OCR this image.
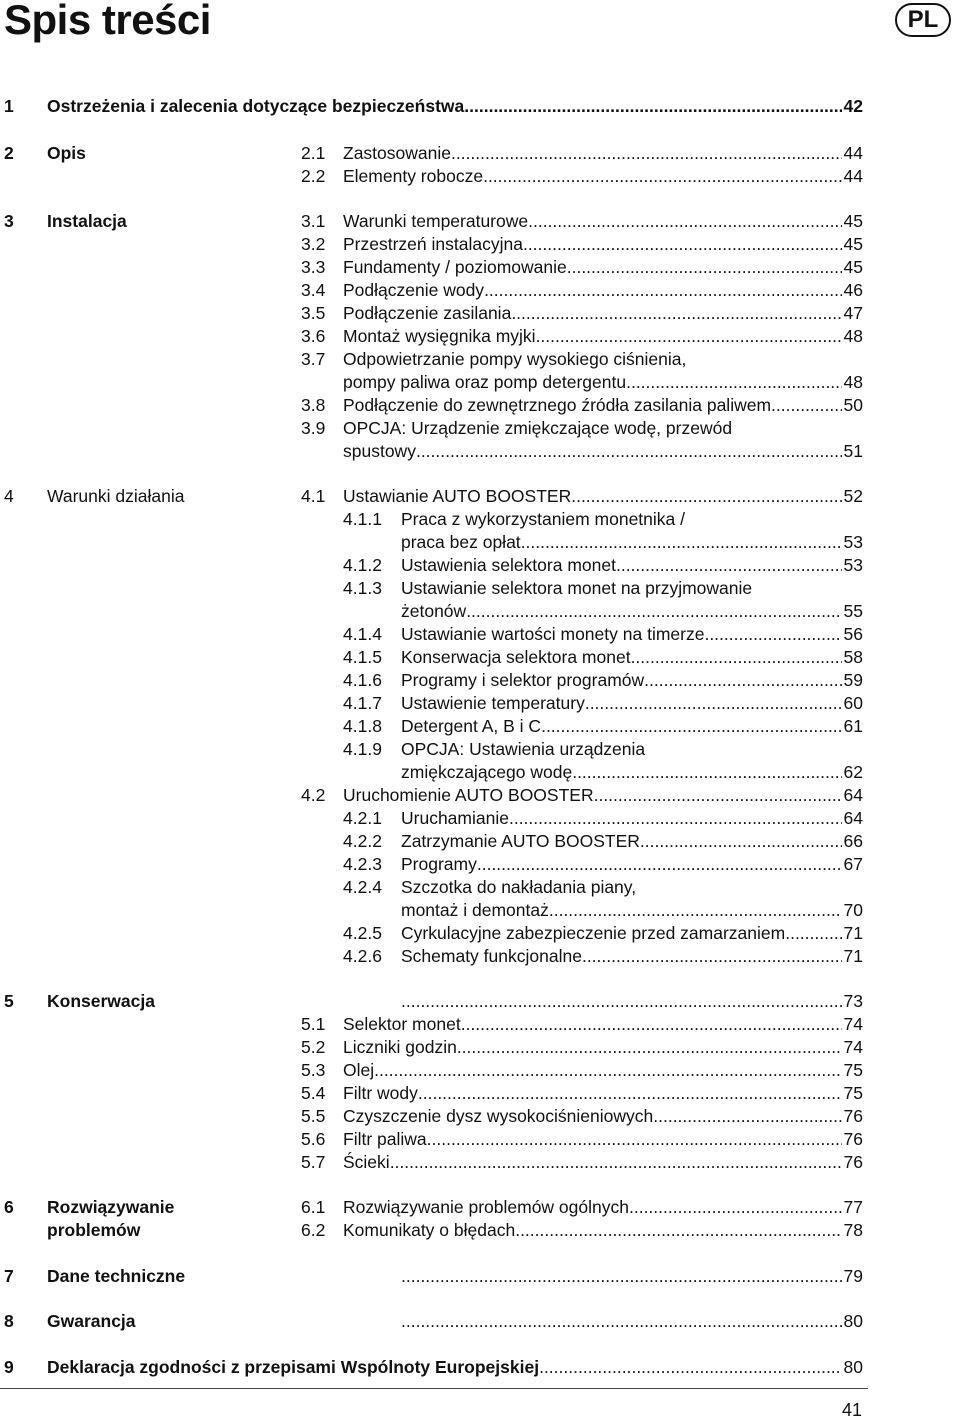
Spis treści	PL
1 Ostrzeżenia i zalecenia dotyczące bezpieczeństwa .....	42
2 Opis	2.1 Zastosowanie .....	44
2.2 Elementy robocze .....	44
3 Instalacja	3.1 Warunki temperaturowe .....	45
3.2 Przestrzeń instalacyjna .....	45
3.3 Fundamenty / poziomowanie .....	45
3.4 Podłączenie wody .....	46
3.5 Podłączenie zasilania .....	47
3.6 Montaż wysięgnika myjki .....	48
3.7 Odpowietrzanie pompy wysokiego ciśnienia,
pompy paliwa oraz pomp detergentu .....	48
3.8 Podłączenie do zewnętrznego źródła zasilania paliwem .....	50
3.9 OPCJA: Urządzenie zmiękczające wodę, przewód
spustowy .....	51
4 Warunki działania	4.1 Ustawianie AUTO BOOSTER .....	52
4.1.1 Praca z wykorzystaniem monetnika /
praca bez opłat .....	53
4.1.2 Ustawienia selektora monet .....	53
4.1.3 Ustawianie selektora monet na przyjmowanie
żetonów .....	55
4.1.4 Ustawianie wartości monety na timerze .....	56
4.1.5 Konserwacja selektora monet .....	58
4.1.6 Programy i selektor programów .....	59
4.1.7 Ustawienie temperatury .....	60
4.1.8 Detergent A, B i C .....	61
4.1.9 OPCJA: Ustawienia urządzenia
zmiękczającego wodę .....	62
4.2 Uruchomienie AUTO BOOSTER .....	64
4.2.1 Uruchamianie .....	64
4.2.2 Zatrzymanie AUTO BOOSTER .....	66
4.2.3 Programy .....	67
4.2.4 Szczotka do nakładania piany,
montaż i demontaż .....	70
4.2.5 Cyrkulacyjne zabezpieczenie przed zamarzaniem .....	71
4.2.6 Schematy funkcjonalne .....	71
5 Konserwacja .....	73
5.1 Selektor monet .....	74
5.2 Liczniki godzin .....	74
5.3 Olej .....	75
5.4 Filtr wody .....	75
5.5 Czyszczenie dysz wysokociśnieniowych .....	76
5.6 Filtr paliwa .....	76
5.7 Ścieki .....	76
6 Rozwiązywanie
problemów
6.1 Rozwiązywanie problemów ogólnych .....	77
6.2 Komunikaty o błędach .....	78
7 Dane techniczne .....	79
8 Gwarancja .....	80
9 Deklaracja zgodności z przepisami Wspólnoty Europejskiej .....	80
41
